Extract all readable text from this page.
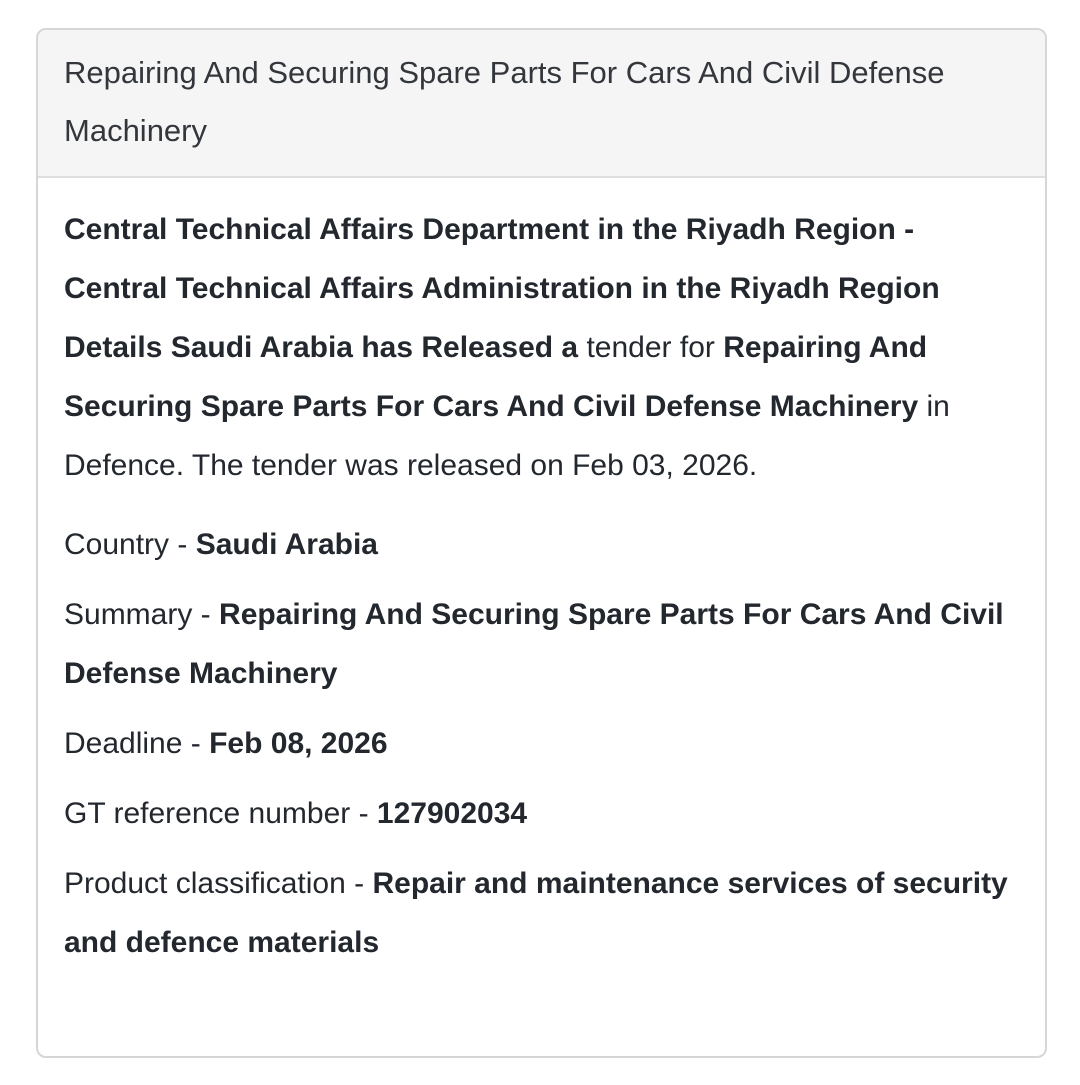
Repairing And Securing Spare Parts For Cars And Civil Defense Machinery

Central Technical Affairs Department in the Riyadh Region - Central Technical Affairs Administration in the Riyadh Region Details Saudi Arabia has Released a tender for Repairing And Securing Spare Parts For Cars And Civil Defense Machinery in Defence. The tender was released on Feb 03, 2026.

Country - Saudi Arabia

Summary - Repairing And Securing Spare Parts For Cars And Civil Defense Machinery

Deadline - Feb 08, 2026

GT reference number - 127902034

Product classification - Repair and maintenance services of security and defence materials
